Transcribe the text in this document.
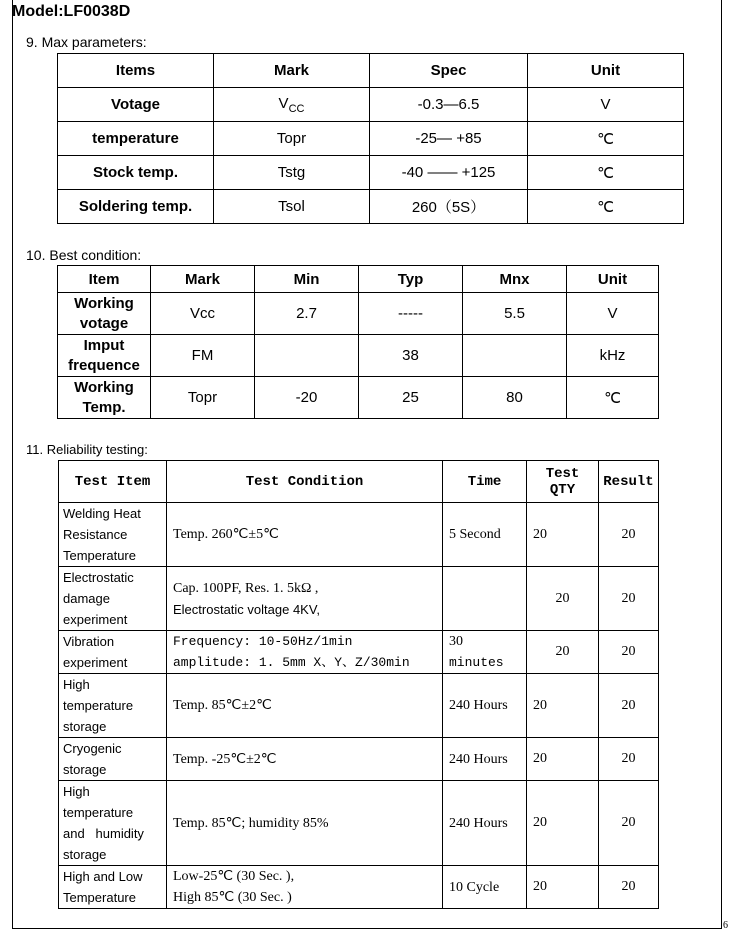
6
Model:LF0038D
9. Max parameters:
Items	Mark	Spec	Unit
Votage	$V_{CC}$	-0.3—6.5	V
temperature	Topr	-25— +85	℃
Stock temp.	Tstg	-40 —— +125	℃
Soldering temp.	Tsol	260（5S）	℃
10. Best condition:
Item	Mark	Min	Typ	Mnx	Unit

Working
votage	Vcc	2.7	-----	5.5	V

Imput
frequence	FM		38		kHz

Working
Temp.	Topr	-20	25	80	℃
11. Reliability testing:
Test Item	Test Condition	Time	Test
QTY	Result

Welding Heat
Resistance
Temperature	Temp. 260℃±5℃	5 Second	20	20

Electrostatic
damage
experiment	Cap. 100PF, Res. 1. 5kΩ ,
Electrostatic voltage 4KV,		20	20

Vibration
experiment	Frequency: 10-50Hz/1min
amplitude: 1. 5mm X、Y、Z/30min	30
minutes	20	20

High
temperature
storage	Temp. 85℃±2℃	240 Hours	20	20

Cryogenic
storage	Temp. -25℃±2℃	240 Hours	20	20

High
temperature
and   humidity
storage	Temp. 85℃; humidity 85%	240 Hours	20	20

High and Low
Temperature	Low-25℃ (30 Sec. ),
High 85℃ (30 Sec. )	10 Cycle	20	20
